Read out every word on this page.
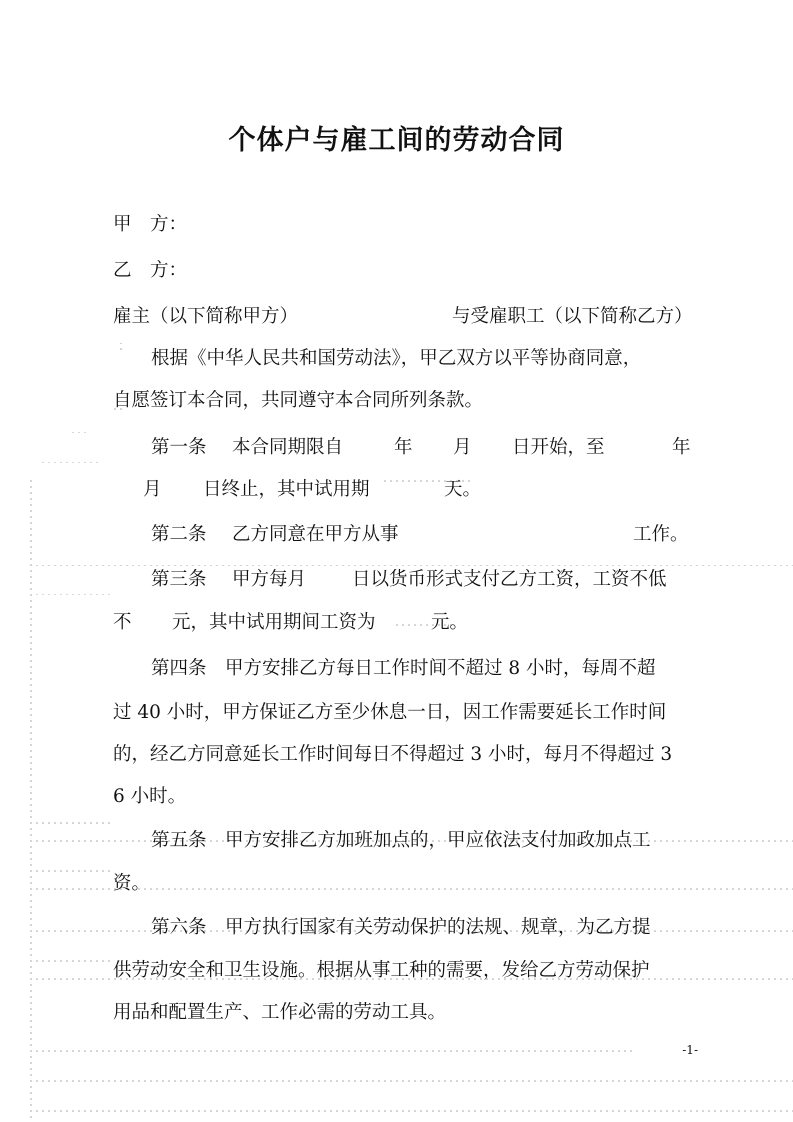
个体户与雇工间的劳动合同
甲　方：
乙　方：
雇主（以下简称甲方）	与受雇职工（以下简称乙方）
根据《中华人民共和国劳动法》，甲乙双方以平等协商同意，
自愿签订本合同，共同遵守本合同所列条款。
第一条 本合同期限自	年 月 日开始，至	年
月 日终止，其中试用期	天。
第二条 乙方同意在甲方从事	工作。
第三条 甲方每月 日以货币形式支付乙方工资，工资不低
不 元，其中试用期间工资为	元。
第四条　甲方安排乙方每日工作时间不超过 8 小时，每周不超
过 40 小时，甲方保证乙方至少休息一日，因工作需要延长工作时间
的，经乙方同意延长工作时间每日不得超过 3 小时，每月不得超过 3
6 小时。
第五条　甲方安排乙方加班加点的，甲应依法支付加政加点工
资。
第六条　甲方执行国家有关劳动保护的法规、规章，为乙方提
供劳动安全和卫生设施。根据从事工种的需要，发给乙方劳动保护
用品和配置生产、工作必需的劳动工具。
-1-
